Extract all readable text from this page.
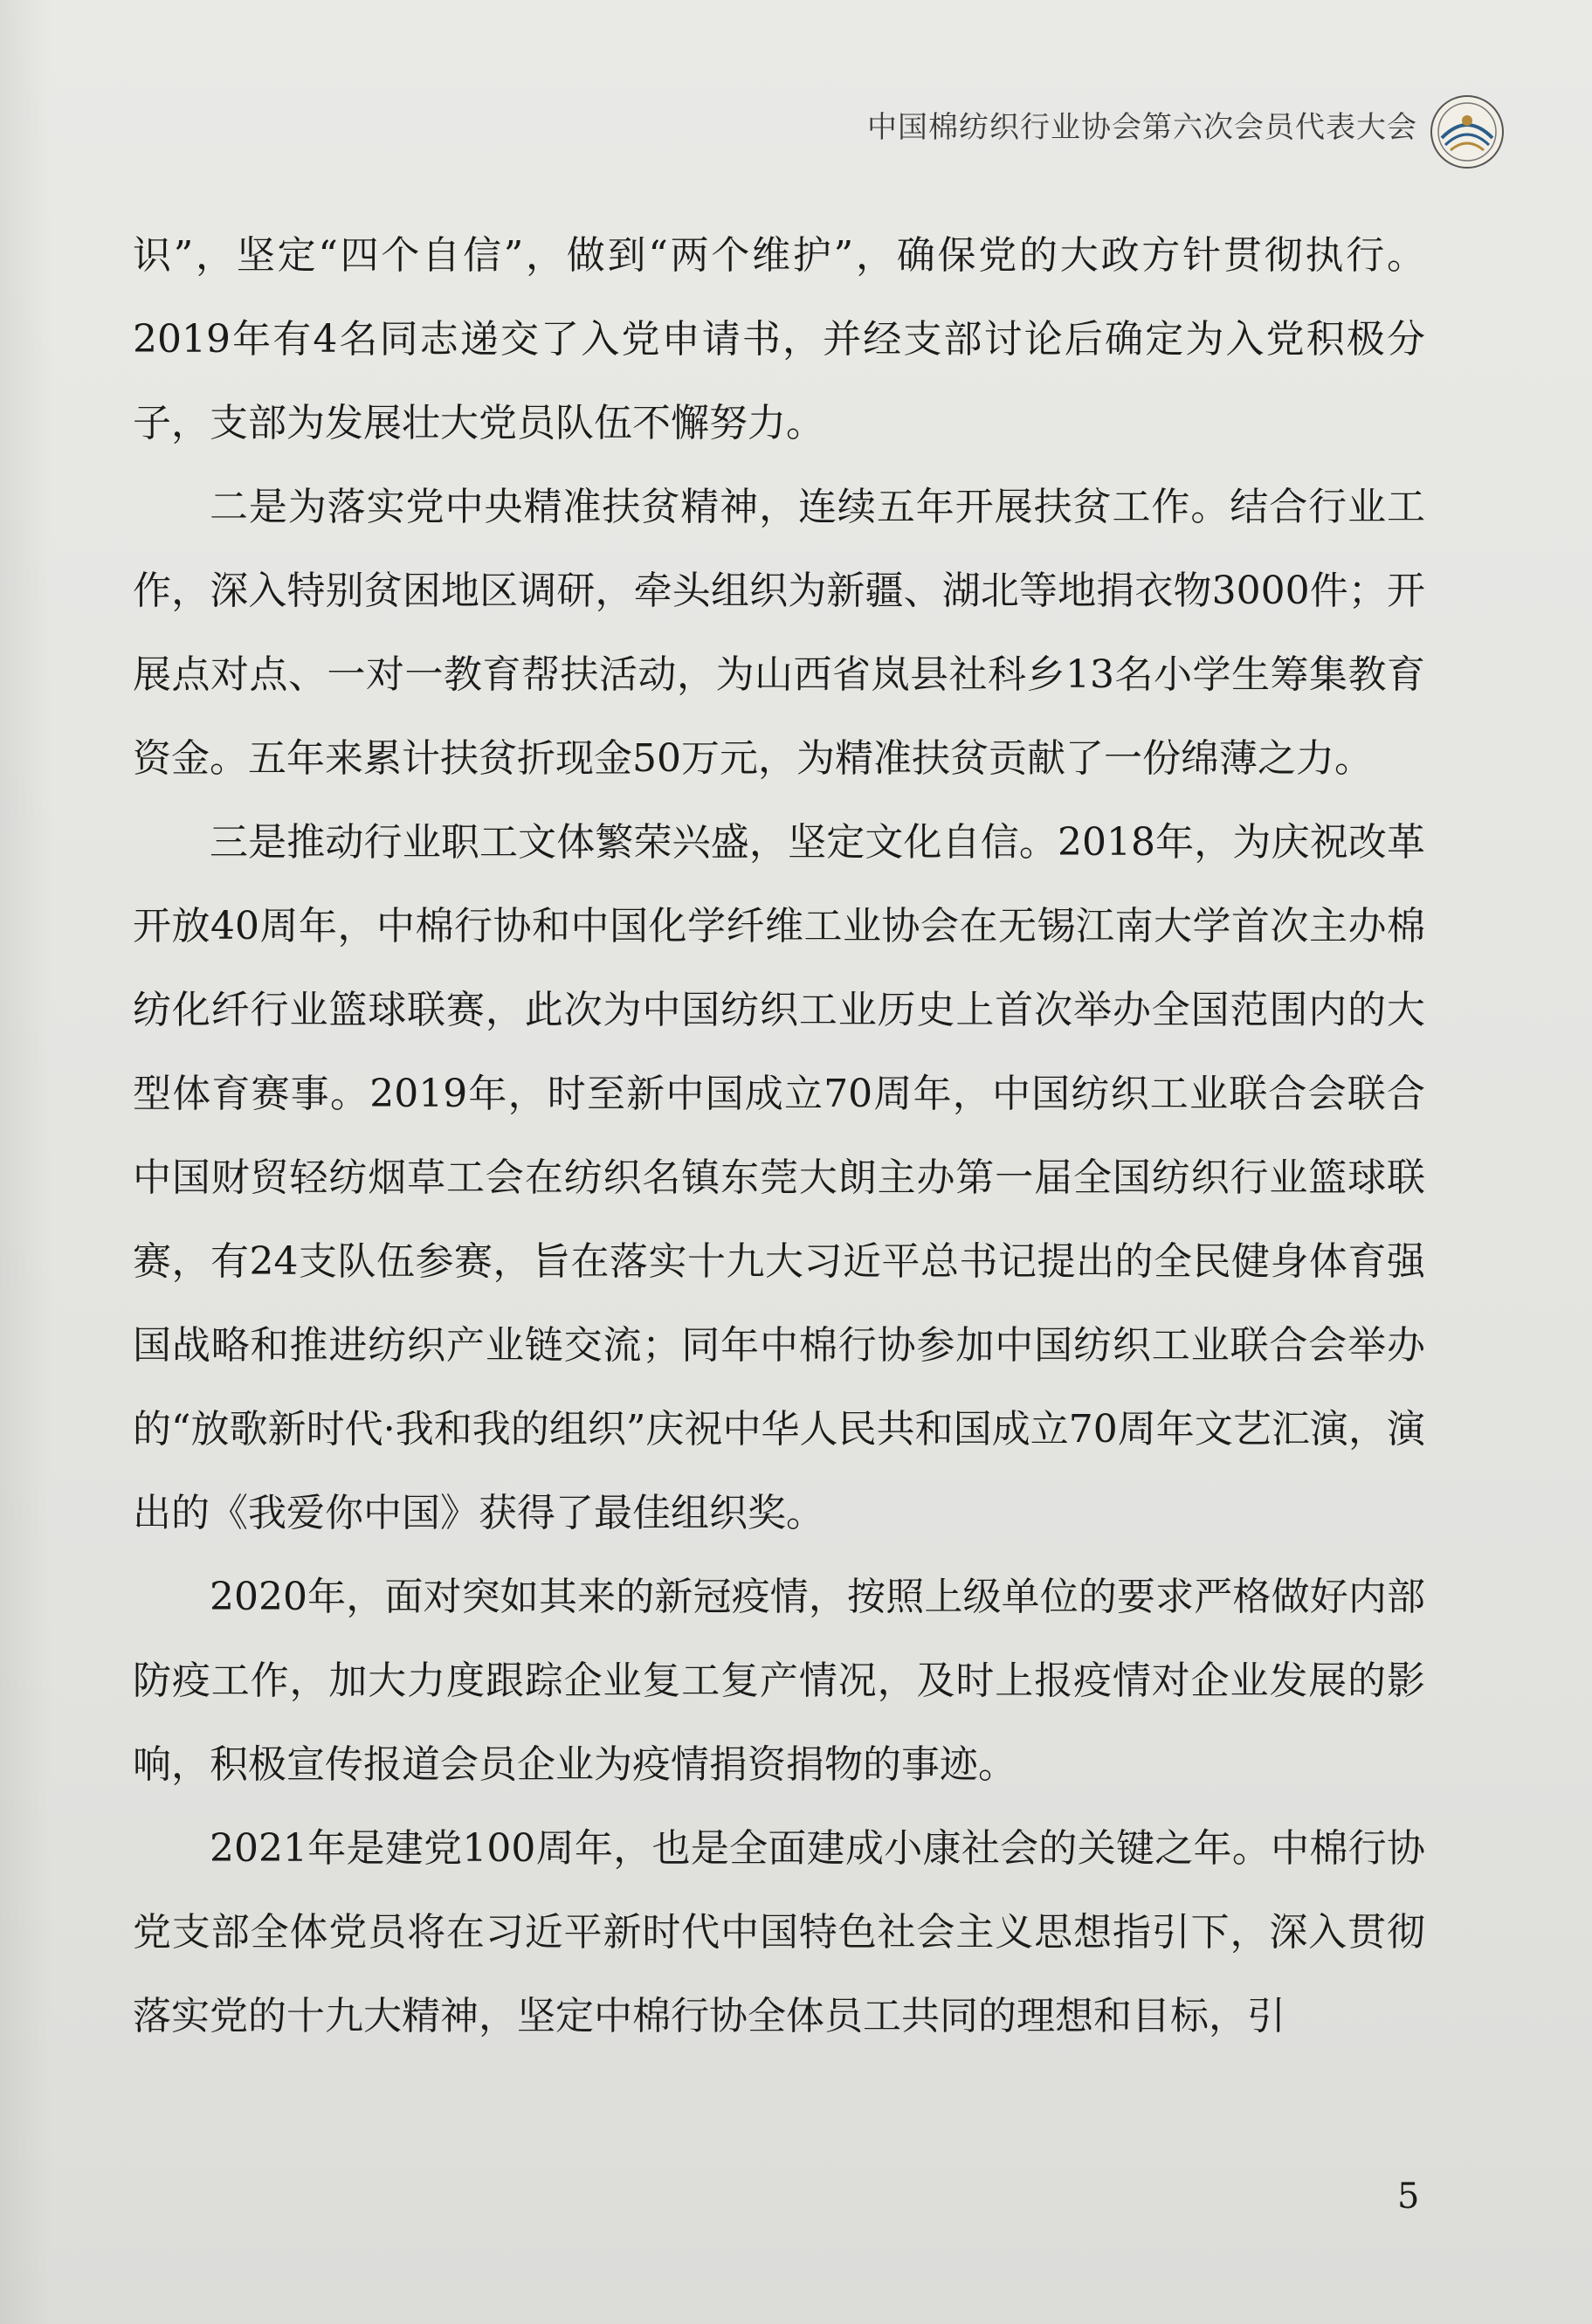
中国棉纺织行业协会第六次会员代表大会

识”，坚定“四个自信”，做到“两个维护”，确保党的大政方针贯彻执行。2019年有4名同志递交了入党申请书，并经支部讨论后确定为入党积极分子，支部为发展壮大党员队伍不懈努力。

二是为落实党中央精准扶贫精神，连续五年开展扶贫工作。结合行业工作，深入特别贫困地区调研，牵头组织为新疆、湖北等地捐衣物3000件；开展点对点、一对一教育帮扶活动，为山西省岚县社科乡13名小学生筹集教育资金。五年来累计扶贫折现金50万元，为精准扶贫贡献了一份绵薄之力。

三是推动行业职工文体繁荣兴盛，坚定文化自信。2018年，为庆祝改革开放40周年，中棉行协和中国化学纤维工业协会在无锡江南大学首次主办棉纺化纤行业篮球联赛，此次为中国纺织工业历史上首次举办全国范围内的大型体育赛事。2019年，时至新中国成立70周年，中国纺织工业联合会联合中国财贸轻纺烟草工会在纺织名镇东莞大朗主办第一届全国纺织行业篮球联赛，有24支队伍参赛，旨在落实十九大习近平总书记提出的全民健身体育强国战略和推进纺织产业链交流；同年中棉行协参加中国纺织工业联合会举办的“放歌新时代·我和我的组织”庆祝中华人民共和国成立70周年文艺汇演，演出的《我爱你中国》获得了最佳组织奖。

2020年，面对突如其来的新冠疫情，按照上级单位的要求严格做好内部防疫工作，加大力度跟踪企业复工复产情况，及时上报疫情对企业发展的影响，积极宣传报道会员企业为疫情捐资捐物的事迹。

2021年是建党100周年，也是全面建成小康社会的关键之年。中棉行协党支部全体党员将在习近平新时代中国特色社会主义思想指引下，深入贯彻落实党的十九大精神，坚定中棉行协全体员工共同的理想和目标，引

5
